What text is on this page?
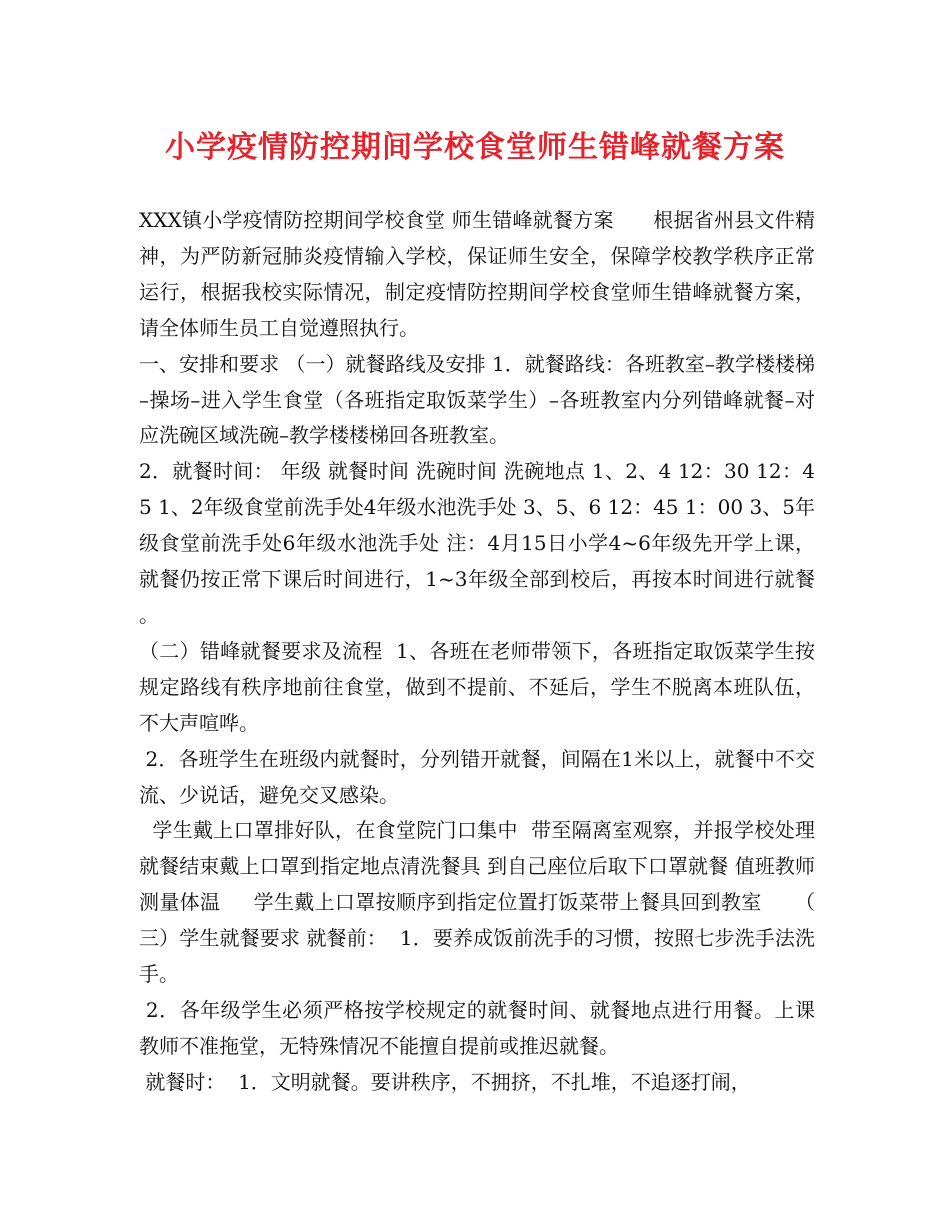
小学疫情防控期间学校食堂师生错峰就餐方案

XXX镇小学疫情防控期间学校食堂 师生错峰就餐方案      根据省州县文件精神，为严防新冠肺炎疫情输入学校，保证师生安全，保障学校教学秩序正常运行，根据我校实际情况，制定疫情防控期间学校食堂师生错峰就餐方案，请全体师生员工自觉遵照执行。

一、安排和要求 （一）就餐路线及安排 1．就餐路线：各班教室–教学楼楼梯–操场–进入学生食堂（各班指定取饭菜学生）–各班教室内分列错峰就餐–对应洗碗区域洗碗–教学楼楼梯回各班教室。

2．就餐时间： 年级 就餐时间 洗碗时间 洗碗地点 1、2、4 12：30 12：45 1、2年级食堂前洗手处4年级水池洗手处 3、5、6 12：45 1：00 3、5年级食堂前洗手处6年级水池洗手处 注：4月15日小学4~6年级先开学上课，就餐仍按正常下课后时间进行，1~3年级全部到校后，再按本时间进行就餐。

（二）错峰就餐要求及流程  1、各班在老师带领下，各班指定取饭菜学生按规定路线有秩序地前往食堂，做到不提前、不延后，学生不脱离本班队伍，不大声喧哗。

2．各班学生在班级内就餐时，分列错开就餐，间隔在1米以上，就餐中不交流、少说话，避免交叉感染。

学生戴上口罩排好队，在食堂院门口集中  带至隔离室观察，并报学校处理 就餐结束戴上口罩到指定地点清洗餐具 到自己座位后取下口罩就餐 值班教师测量体温     学生戴上口罩按顺序到指定位置打饭菜带上餐具回到教室     （三）学生就餐要求 就餐前：  1．要养成饭前洗手的习惯，按照七步洗手法洗手。

2．各年级学生必须严格按学校规定的就餐时间、就餐地点进行用餐。上课教师不准拖堂，无特殊情况不能擅自提前或推迟就餐。

就餐时：  1．文明就餐。要讲秩序，不拥挤，不扎堆，不追逐打闹，
